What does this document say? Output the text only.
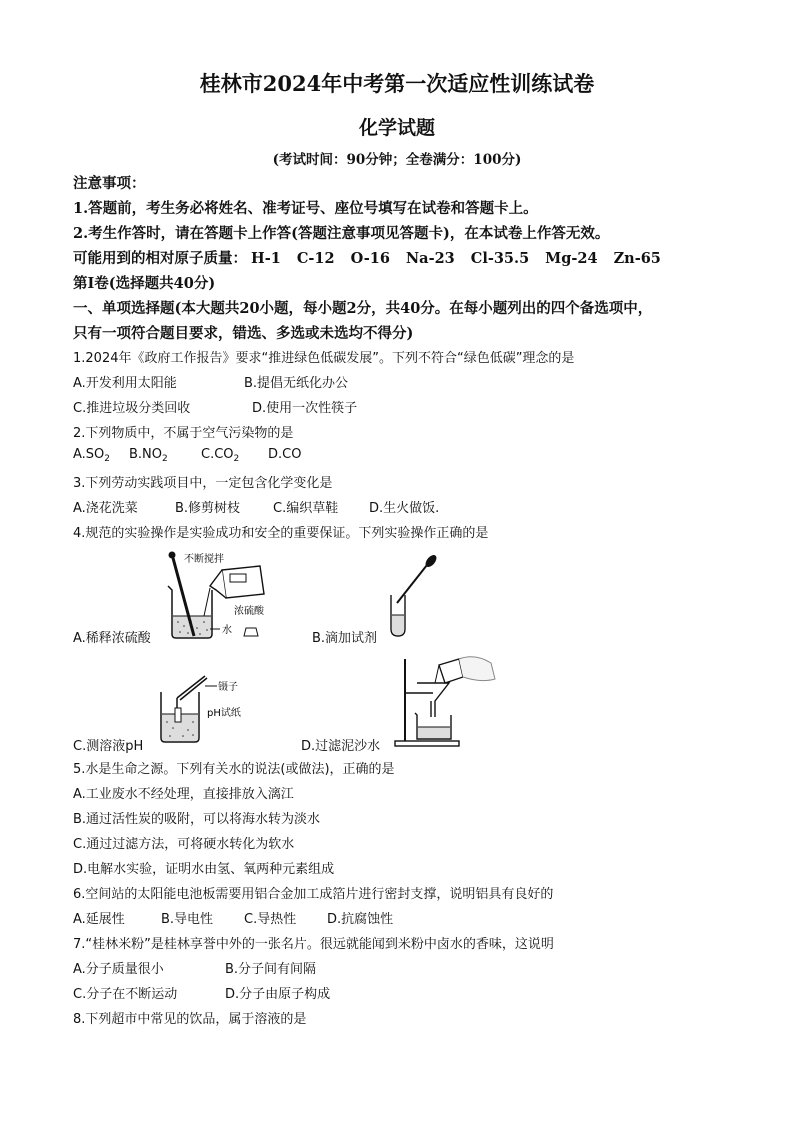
桂林市2024年中考第一次适应性训练试卷
化学试题
(考试时间：90分钟；全卷满分：100分)
注意事项：
1.答题前，考生务必将姓名、准考证号、座位号填写在试卷和答题卡上。
2.考生作答时，请在答题卡上作答(答题注意事项见答题卡)，在本试卷上作答无效。
可能用到的相对原子质量： H-1 C-12 O-16 Na-23 Cl-35.5 Mg-24 Zn-65
第Ⅰ卷(选择题共40分)
一、单项选择题(本大题共20小题，每小题2分，共40分。在每小题列出的四个备选项中，
只有一项符合题目要求，错选、多选或未选均不得分)
1.2024年《政府工作报告》要求“推进绿色低碳发展”。下列不符合“绿色低碳”理念的是
A.开发利用太阳能	B.提倡无纸化办公
C.推进垃圾分类回收	D.使用一次性筷子
2.下列物质中，不属于空气污染物的是
$A.SO_2$ $B.NO_2$	$C.CO_2$ D.CO
3.下列劳动实践项目中，一定包含化学变化是
A.浇花洗菜	B.修剪树枝	C.编织草鞋 D.生火做饭.
4.规范的实验操作是实验成功和安全的重要保证。下列实验操作正确的是
不断搅拌
浓硫酸
水
A.稀释浓硫酸	B.滴加试剂
镊子
pH试纸
C.测溶液pH	D.过滤泥沙水
5.水是生命之源。下列有关水的说法(或做法)，正确的是
A.工业废水不经处理，直接排放入漓江
B.通过活性炭的吸附，可以将海水转为淡水
C.通过过滤方法，可将硬水转化为软水
D.电解水实验，证明水由氢、氧两种元素组成
6.空间站的太阳能电池板需要用铝合金加工成箔片进行密封支撑，说明铝具有良好的
A.延展性	B.导电性 C.导热性 D.抗腐蚀性
7.“桂林米粉”是桂林享誉中外的一张名片。很远就能闻到米粉中卤水的香味，这说明
A.分子质量很小	B.分子间有间隔
C.分子在不断运动	D.分子由原子构成
8.下列超市中常见的饮品，属于溶液的是
